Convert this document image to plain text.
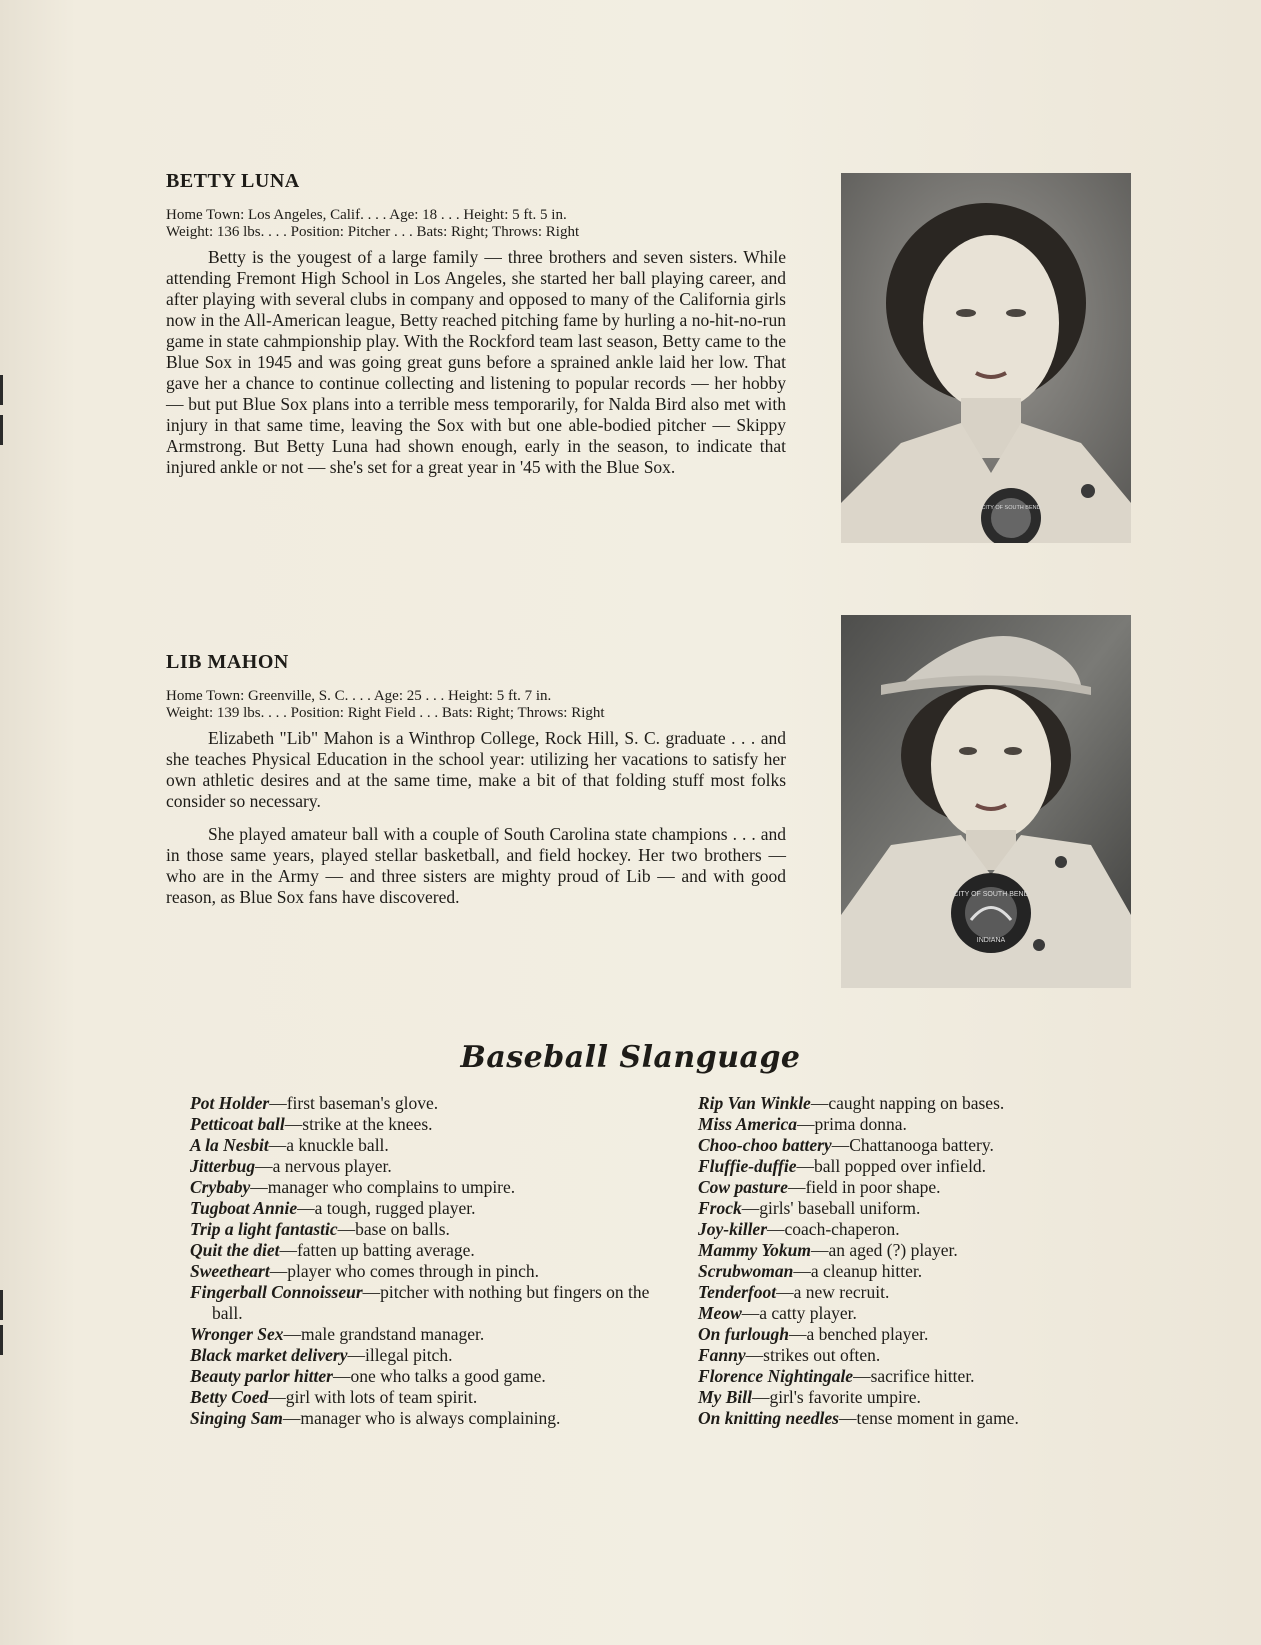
BETTY LUNA
Home Town: Los Angeles, Calif. . . . Age: 18 . . . Height: 5 ft. 5 in.
Weight: 136 lbs. . . . Position: Pitcher . . . Bats: Right; Throws: Right

Betty is the yougest of a large family — three brothers and seven sisters. While attending Fremont High School in Los Angeles, she started her ball playing career, and after playing with several clubs in company and opposed to many of the California girls now in the All-American league, Betty reached pitching fame by hurling a no-hit-no-run game in state cahmpionship play. With the Rockford team last season, Betty came to the Blue Sox in 1945 and was going great guns before a sprained ankle laid her low. That gave her a chance to continue collecting and listening to popular records — her hobby — but put Blue Sox plans into a terrible mess temporarily, for Nalda Bird also met with injury in that same time, leaving the Sox with but one able-bodied pitcher — Skippy Armstrong. But Betty Luna had shown enough, early in the season, to indicate that injured ankle or not — she's set for a great year in '45 with the Blue Sox.

CITY OF SOUTH BEND
LIB MAHON
Home Town: Greenville, S. C. . . . Age: 25 . . . Height: 5 ft. 7 in.
Weight: 139 lbs. . . . Position: Right Field . . . Bats: Right; Throws: Right

Elizabeth "Lib" Mahon is a Winthrop College, Rock Hill, S. C. graduate . . . and she teaches Physical Education in the school year: utilizing her vacations to satisfy her own athletic desires and at the same time, make a bit of that folding stuff most folks consider so necessary.

She played amateur ball with a couple of South Carolina state champions . . . and in those same years, played stellar basketball, and field hockey. Her two brothers — who are in the Army — and three sisters are mighty proud of Lib — and with good reason, as Blue Sox fans have discovered.	CITY OF SOUTH BEND
INDIANA
Baseball Slanguage

Pot Holder—first baseman's glove.

Petticoat ball—strike at the knees.

A la Nesbit—a knuckle ball.

Jitterbug—a nervous player.

Crybaby—manager who complains to umpire.

Tugboat Annie—a tough, rugged player.

Trip a light fantastic—base on balls.

Quit the diet—fatten up batting average.

Sweetheart—player who comes through in pinch.

Fingerball Connoisseur—pitcher with nothing but fingers on the ball.

Wronger Sex—male grandstand manager.

Black market delivery—illegal pitch.

Beauty parlor hitter—one who talks a good game.

Betty Coed—girl with lots of team spirit.

Singing Sam—manager who is always complaining.

Rip Van Winkle—caught napping on bases.

Miss America—prima donna.

Choo-choo battery—Chattanooga battery.

Fluffie-duffie—ball popped over infield.

Cow pasture—field in poor shape.

Frock—girls' baseball uniform.

Joy-killer—coach-chaperon.

Mammy Yokum—an aged (?) player.

Scrubwoman—a cleanup hitter.

Tenderfoot—a new recruit.

Meow—a catty player.

On furlough—a benched player.

Fanny—strikes out often.

Florence Nightingale—sacrifice hitter.

My Bill—girl's favorite umpire.

On knitting needles—tense moment in game.
